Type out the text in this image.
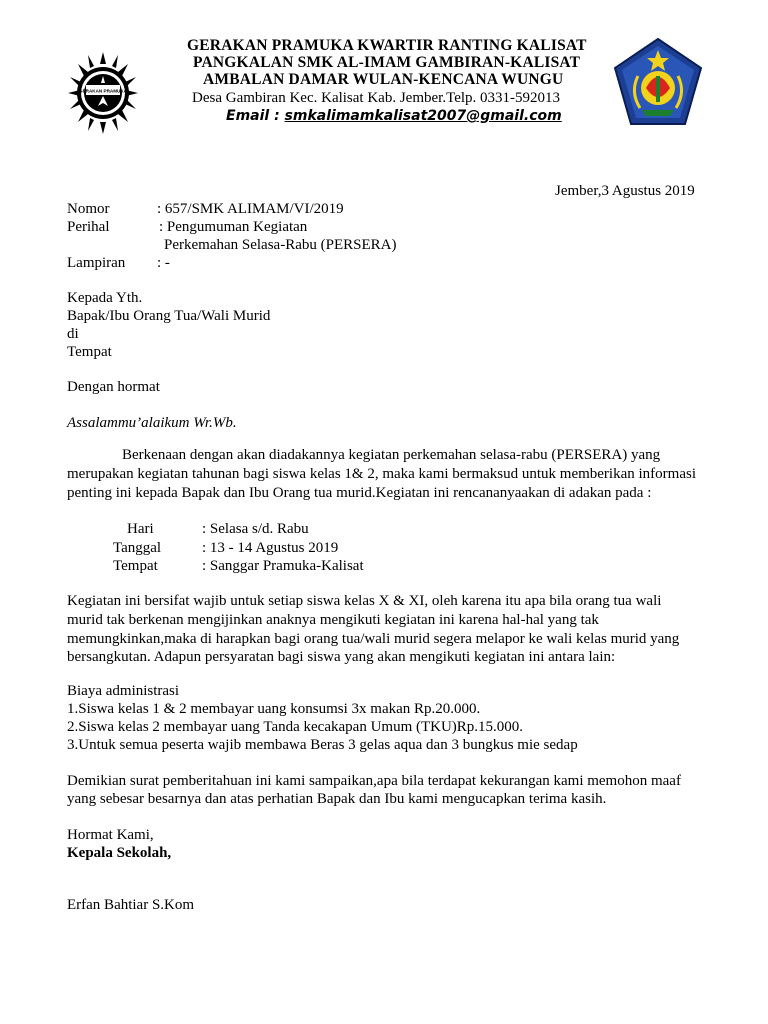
GERAKAN PRAMUKA
GERAKAN PRAMUKA KWARTIR RANTING KALISAT
PANGKALAN SMK AL-IMAM GAMBIRAN-KALISAT
AMBALAN DAMAR WULAN-KENCANA WUNGU
Desa Gambiran Kec. Kalisat Kab. Jember.Telp. 0331-592013
Email : smkalimamkalisat2007@gmail.com
Jember,3 Agustus 2019
Nomor	: 657/SMK ALIMAM/VI/2019
Perihal	: Pengumuman Kegiatan
Perkemahan Selasa-Rabu (PERSERA)
Lampiran : -
Kepada Yth.
Bapak/Ibu Orang Tua/Wali Murid
di
Tempat
Dengan hormat
Assalammu’alaikum Wr.Wb.
Berkenaan dengan akan diadakannya kegiatan perkemahan selasa-rabu (PERSERA) yang
merupakan kegiatan tahunan bagi siswa kelas 1& 2, maka kami bermaksud untuk memberikan informasi
penting ini kepada Bapak dan Ibu Orang tua murid.Kegiatan ini rencananyaakan di adakan pada :
Hari	: Selasa s/d. Rabu
Tanggal	: 13 - 14 Agustus 2019
Tempat	: Sanggar Pramuka-Kalisat
Kegiatan ini bersifat wajib untuk setiap siswa kelas X & XI, oleh karena itu apa bila orang tua wali
murid tak berkenan mengijinkan anaknya mengikuti kegiatan ini karena hal-hal yang tak
memungkinkan,maka di harapkan bagi orang tua/wali murid segera melapor ke wali kelas murid yang
bersangkutan. Adapun persyaratan bagi siswa yang akan mengikuti kegiatan ini antara lain:
Biaya administrasi
1.Siswa kelas 1 & 2 membayar uang konsumsi 3x makan Rp.20.000.
2.Siswa kelas 2 membayar uang Tanda kecakapan Umum (TKU)Rp.15.000.
3.Untuk semua peserta wajib membawa Beras 3 gelas aqua dan 3 bungkus mie sedap
Demikian surat pemberitahuan ini kami sampaikan,apa bila terdapat kekurangan kami memohon maaf
yang sebesar besarnya dan atas perhatian Bapak dan Ibu kami mengucapkan terima kasih.
Hormat Kami,
Kepala Sekolah,
Erfan Bahtiar S.Kom
